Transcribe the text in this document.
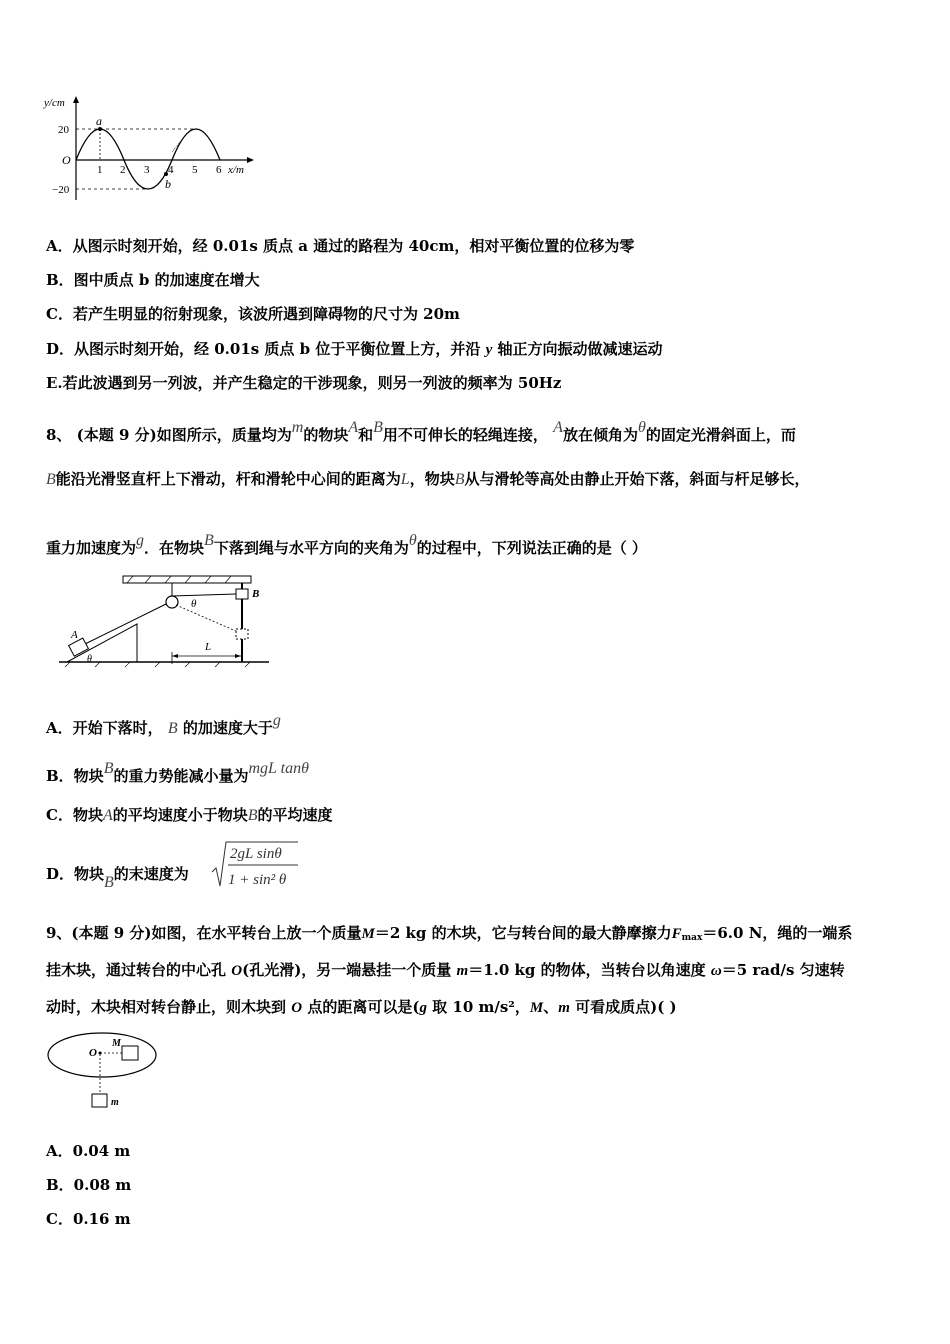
y/cm
20
−20
O
1 2 3 4 5 6 x/m
a
b
A．从图示时刻开始，经 0.01s 质点 a 通过的路程为 40cm，相对平衡位置的位移为零
B．图中质点 b 的加速度在增大
C．若产生明显的衍射现象，该波所遇到障碍物的尺寸为 20m
D．从图示时刻开始，经 0.01s 质点 b 位于平衡位置上方，并沿 y 轴正方向振动做减速运动
E.若此波遇到另一列波，并产生稳定的干涉现象，则另一列波的频率为 50Hz
8、 (本题 9 分)如图所示，质量均为$^m$的物块$^A$和$^B$用不可伸长的轻绳连接， $^A$放在倾角为$^\theta$的固定光滑斜面上，而
B能沿光滑竖直杆上下滑动，杆和滑轮中心间的距离为L，物块B从与滑轮等高处由静止开始下落，斜面与杆足够长，
重力加速度为$^g$．在物块$^B$下落到绳与水平方向的夹角为$^\theta$的过程中，下列说法正确的是（ ）
A
B
θ
θ
L
A．开始下落时， B 的加速度大于$^g$
B．物块$^B$的重力势能减小量为$^{mgL tan\theta}$
C．物块A的平均速度小于物块B的平均速度
D．物块B的末速度为
2gL sinθ
1 + sin² θ
9、(本题 9 分)如图，在水平转台上放一个质量M＝2 kg 的木块，它与转台间的最大静摩擦力Fmax＝6.0 N，绳的一端系
挂木块，通过转台的中心孔 O(孔光滑)，另一端悬挂一个质量 m＝1.0 kg 的物体，当转台以角速度 ω＝5 rad/s 匀速转
动时，木块相对转台静止，则木块到 O 点的距离可以是(g 取 10 m/s²，M、m 可看成质点)( )
O
M
m
A．0.04 m
B．0.08 m
C．0.16 m
